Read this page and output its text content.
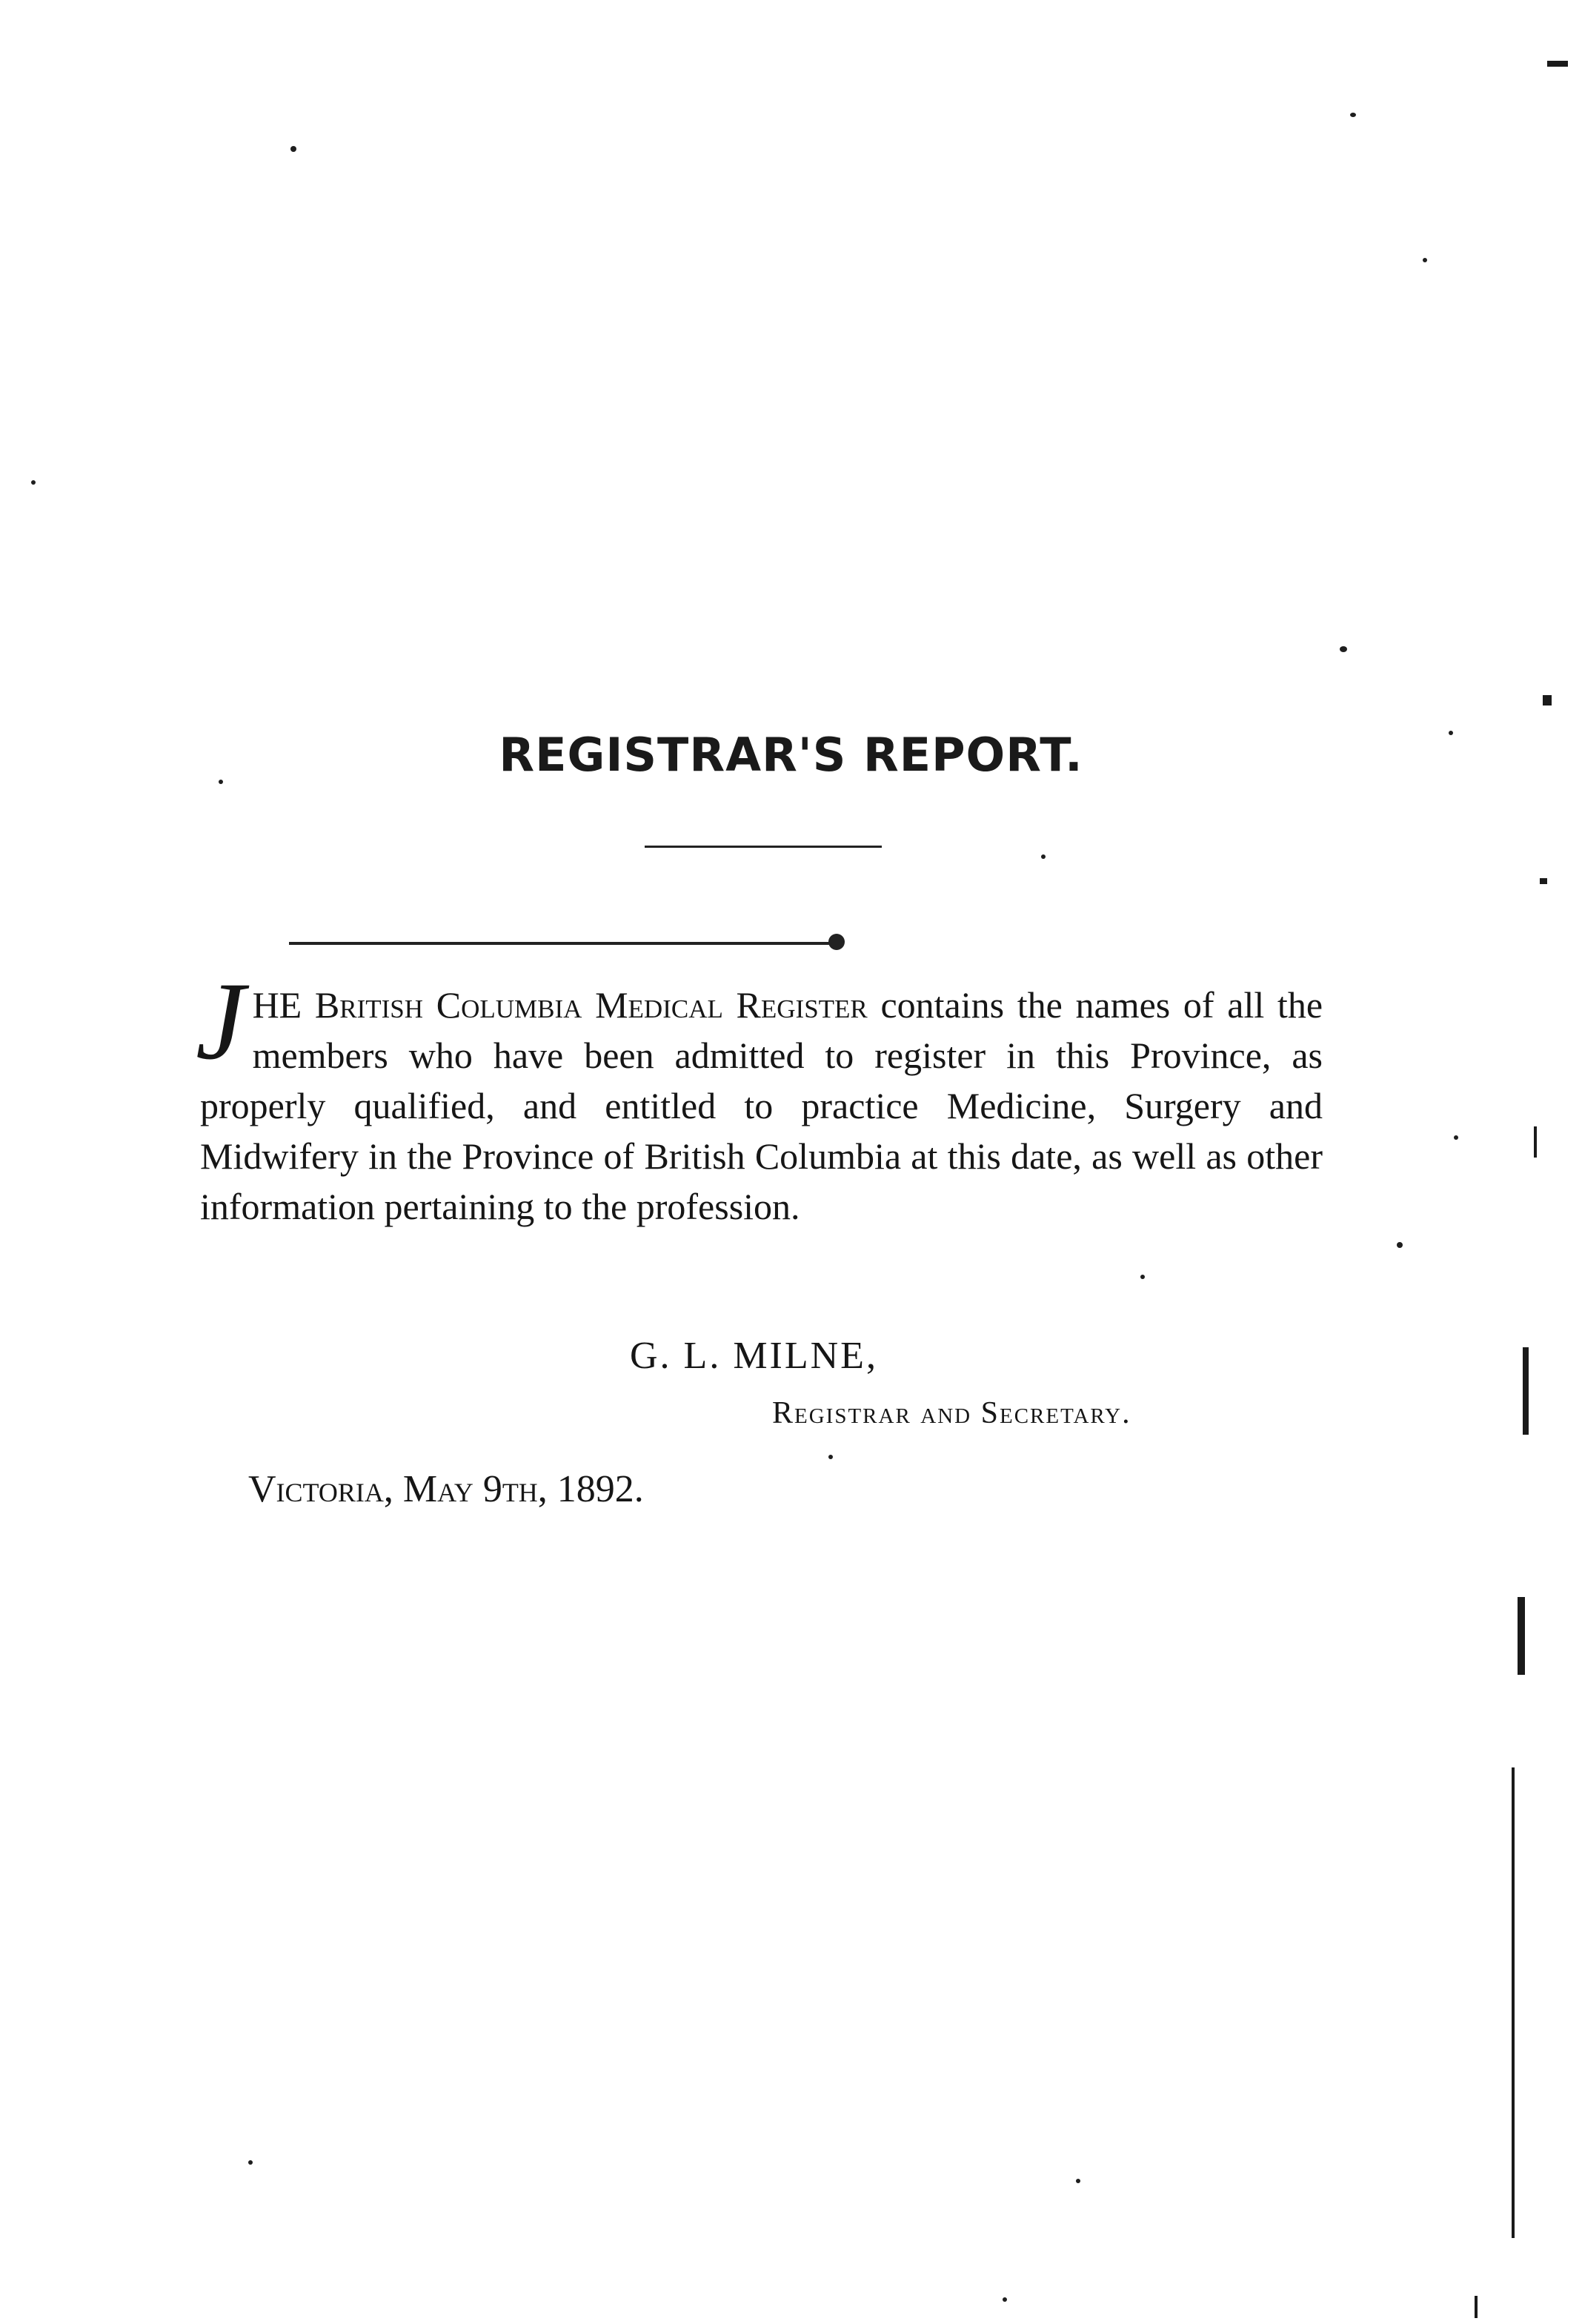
REGISTRAR'S REPORT.
J HE British Columbia Medical Register contains the names of all the members who have been admitted to register in this Province, as properly qualified, and entitled to practice Medicine, Surgery and Midwifery in the Province of British Columbia at this date, as well as other information pertaining to the profession.
G. L. MILNE,
Registrar and Secretary.
Victoria, May 9th, 1892.
